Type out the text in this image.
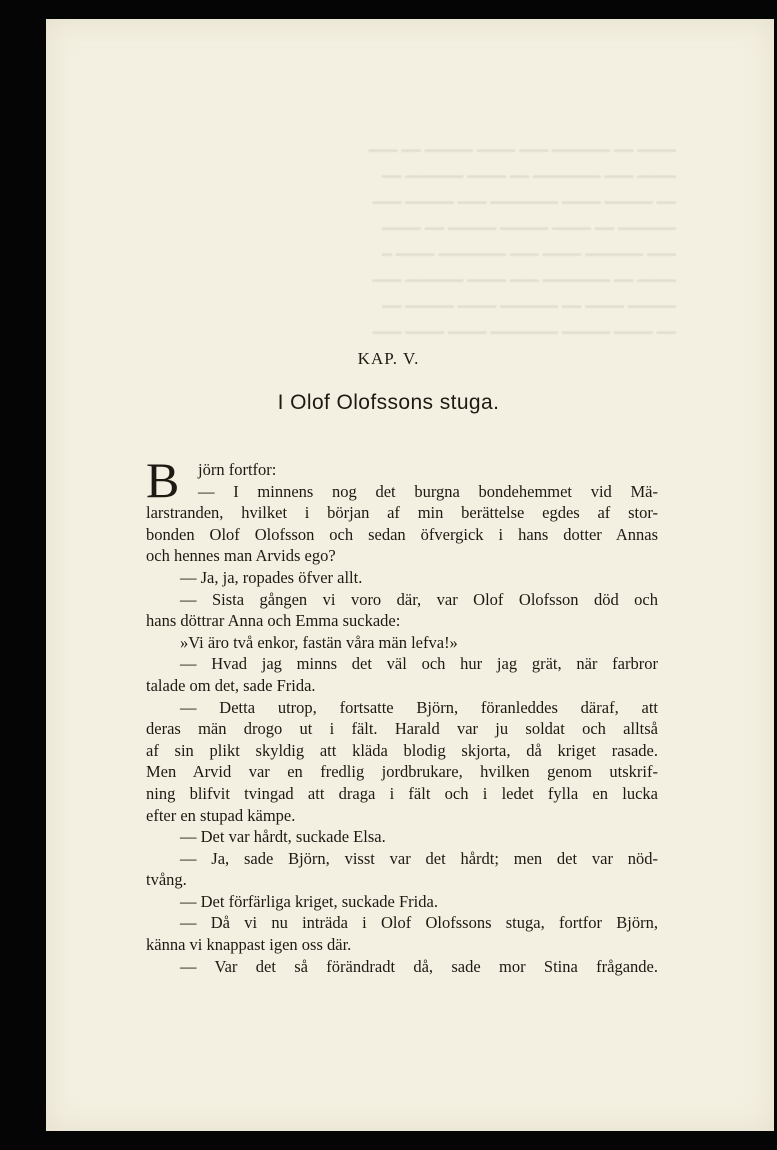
━━━━ ━━ ━━━━━━ ━━━ ━━━━ ━━━━━ ━━ ━━━
━━━━ ━━━ ━━━━━━━ ━━ ━━━━ ━━━━━━ ━━
━━ ━━━━━ ━━━━ ━━━━━━━ ━━━ ━━━━━ ━━━
━━━━━━ ━━ ━━━━ ━━━━━ ━━━━━ ━━ ━━━━
━━━ ━━━━━━ ━━━━ ━━━ ━━━━━━━ ━━━━ ━
━━━━ ━━ ━━━━━━━ ━━━ ━━━━ ━━━━━━ ━━━
━━━━━ ━━━━ ━━ ━━━━━━ ━━━━ ━━━━━ ━━
━━ ━━━━ ━━━━━ ━━━━━━━ ━━━━ ━━━━ ━━━
KAP. V.
I Olof Olofssons stuga.
B	jörn fortfor:
— I minnens nog det burgna bondehemmet vid Mä-
larstranden, hvilket i början af min berättelse egdes af stor-
bonden Olof Olofsson och sedan öfvergick i hans dotter Annas
och hennes man Arvids ego?
— Ja, ja, ropades öfver allt.
— Sista gången vi voro där, var Olof Olofsson död och
hans döttrar Anna och Emma suckade:
»Vi äro två enkor, fastän våra män lefva!»
— Hvad jag minns det väl och hur jag grät, när farbror
talade om det, sade Frida.
— Detta utrop, fortsatte Björn, föranleddes däraf, att
deras män drogo ut i fält. Harald var ju soldat och alltså
af sin plikt skyldig att kläda blodig skjorta, då kriget rasade.
Men Arvid var en fredlig jordbrukare, hvilken genom utskrif-
ning blifvit tvingad att draga i fält och i ledet fylla en lucka
efter en stupad kämpe.
— Det var hårdt, suckade Elsa.
— Ja, sade Björn, visst var det hårdt; men det var nöd-
tvång.
— Det förfärliga kriget, suckade Frida.
— Då vi nu inträda i Olof Olofssons stuga, fortfor Björn,
känna vi knappast igen oss där.
— Var det så förändradt då, sade mor Stina frågande.
